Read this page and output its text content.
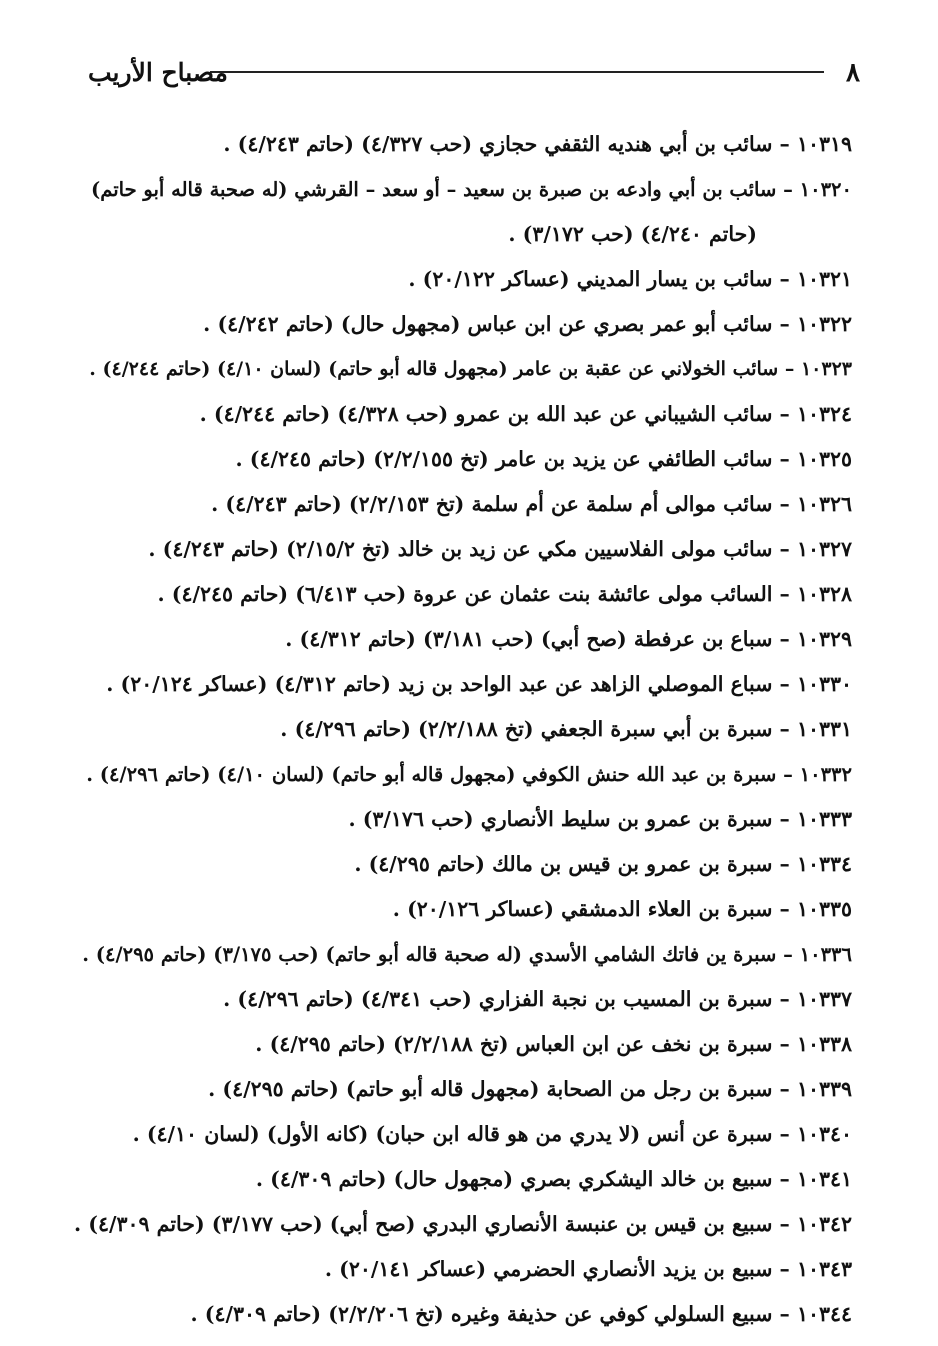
٨
مصباح الأريب
١٠٣١٩ – سائب بن أبي هنديه الثقفي حجازي (حب ٤/٣٢٧) (حاتم ٤/٢٤٣) .
١٠٣٢٠ – سائب بن أبي وادعه بن صبرة بن سعيد – أو سعد – القرشي (له صحبة قاله أبو حاتم)
(حاتم ٤/٢٤٠) (حب ٣/١٧٢) .
١٠٣٢١ – سائب بن يسار المديني (عساكر ٢٠/١٢٢) .
١٠٣٢٢ – سائب أبو عمر بصري عن ابن عباس (مجهول حال) (حاتم ٤/٢٤٢) .
١٠٣٢٣ – سائب الخولاني عن عقبة بن عامر (مجهول قاله أبو حاتم) (لسان ٤/١٠) (حاتم ٤/٢٤٤) .
١٠٣٢٤ – سائب الشيباني عن عبد الله بن عمرو (حب ٤/٣٢٨) (حاتم ٤/٢٤٤) .
١٠٣٢٥ – سائب الطائفي عن يزيد بن عامر (تخ ٢/٢/١٥٥) (حاتم ٤/٢٤٥) .
١٠٣٢٦ – سائب موالى أم سلمة عن أم سلمة (تخ ٢/٢/١٥٣) (حاتم ٤/٢٤٣) .
١٠٣٢٧ – سائب مولى الفلاسيين مكي عن زيد بن خالد (تخ ٢/١٥/٢) (حاتم ٤/٢٤٣) .
١٠٣٢٨ – السائب مولى عائشة بنت عثمان عن عروة (حب ٦/٤١٣) (حاتم ٤/٢٤٥) .
١٠٣٢٩ – سباع بن عرفطة (صح أبي) (حب ٣/١٨١) (حاتم ٤/٣١٢) .
١٠٣٣٠ – سباع الموصلي الزاهد عن عبد الواحد بن زيد (حاتم ٤/٣١٢) (عساكر ٢٠/١٢٤) .
١٠٣٣١ – سبرة بن أبي سبرة الجعفي (تخ ٢/٢/١٨٨) (حاتم ٤/٢٩٦) .
١٠٣٣٢ – سبرة بن عبد الله حنش الكوفي (مجهول قاله أبو حاتم) (لسان ٤/١٠) (حاتم ٤/٢٩٦) .
١٠٣٣٣ – سبرة بن عمرو بن سليط الأنصاري (حب ٣/١٧٦) .
١٠٣٣٤ – سبرة بن عمرو بن قيس بن مالك (حاتم ٤/٢٩٥) .
١٠٣٣٥ – سبرة بن العلاء الدمشقي (عساكر ٢٠/١٢٦) .
١٠٣٣٦ – سبرة ين فاتك الشامي الأسدي (له صحبة قاله أبو حاتم) (حب ٣/١٧٥) (حاتم ٤/٢٩٥) .
١٠٣٣٧ – سبرة بن المسيب بن نجبة الفزاري (حب ٤/٣٤١) (حاتم ٤/٢٩٦) .
١٠٣٣٨ – سبرة بن نخف عن ابن العباس (تخ ٢/٢/١٨٨) (حاتم ٤/٢٩٥) .
١٠٣٣٩ – سبرة بن رجل من الصحابة (مجهول قاله أبو حاتم) (حاتم ٤/٢٩٥) .
١٠٣٤٠ – سبرة عن أنس (لا يدري من هو قاله ابن حبان) (كانه الأول) (لسان ٤/١٠) .
١٠٣٤١ – سبيع بن خالد اليشكري بصري (مجهول حال) (حاتم ٤/٣٠٩) .
١٠٣٤٢ – سبيع بن قيس بن عنبسة الأنصاري البدري (صح أبي) (حب ٣/١٧٧) (حاتم ٤/٣٠٩) .
١٠٣٤٣ – سبيع بن يزيد الأنصاري الحضرمي (عساكر ٢٠/١٤١) .
١٠٣٤٤ – سبيع السلولي كوفي عن حذيفة وغيره (تخ ٢/٢/٢٠٦) (حاتم ٤/٣٠٩) .
